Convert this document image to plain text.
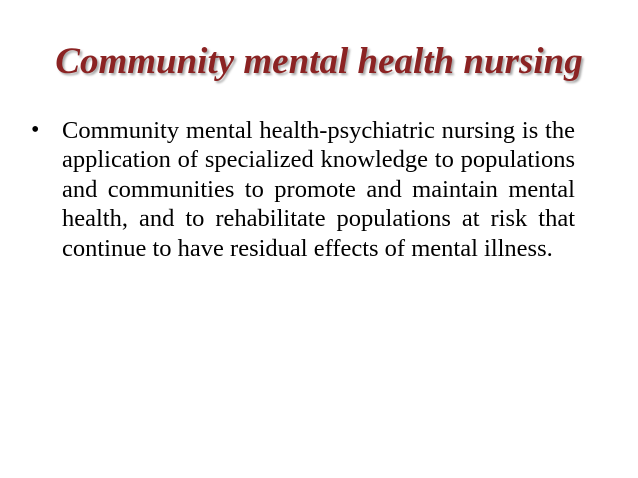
Community mental health nursing
• Community mental health-psychiatric nursing is the application of specialized knowledge to populations and communities to promote and maintain mental health, and to rehabilitate populations at risk that continue to have residual effects of mental illness.
